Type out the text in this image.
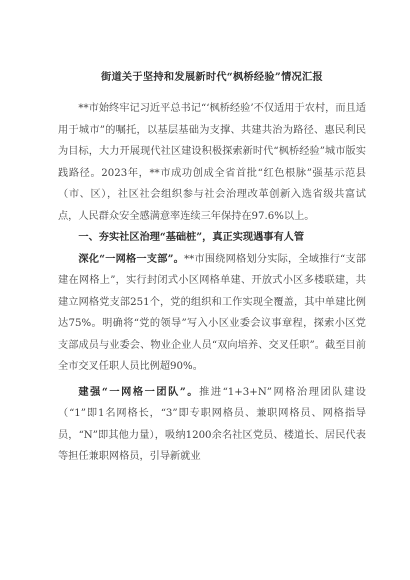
街道关于坚持和发展新时代“枫桥经验”情况汇报

**市始终牢记习近平总书记“‘枫桥经验’不仅适用于农村，而且适用于城市”的嘱托，以基层基础为支撑、共建共治为路径、惠民利民为目标，大力开展现代社区建设积极探索新时代“枫桥经验”城市版实践路径。2023年，**市成功创成全省首批“红色根脉”强基示范县（市、区），社区社会组织参与社会治理改革创新入选省级共富试点，人民群众安全感满意率连续三年保持在97.6%以上。

一、夯实社区治理“基础桩”，真正实现遇事有人管

深化“一网格一支部”。**市围绕网格划分实际，全域推行“支部建在网格上”，实行封闭式小区网格单建、开放式小区多楼联建，共建立网格党支部251个，党的组织和工作实现全覆盖，其中单建比例达75%。明确将“党的领导”写入小区业委会议事章程，探索小区党支部成员与业委会、物业企业人员“双向培养、交叉任职”。截至目前全市交叉任职人员比例超90%。

建强“一网格一团队”。推进“1+3+N”网格治理团队建设（“1”即1名网格长，“3”即专职网格员、兼职网格员、网格指导员，“N”即其他力量），吸纳1200余名社区党员、楼道长、居民代表等担任兼职网格员，引导新就业
